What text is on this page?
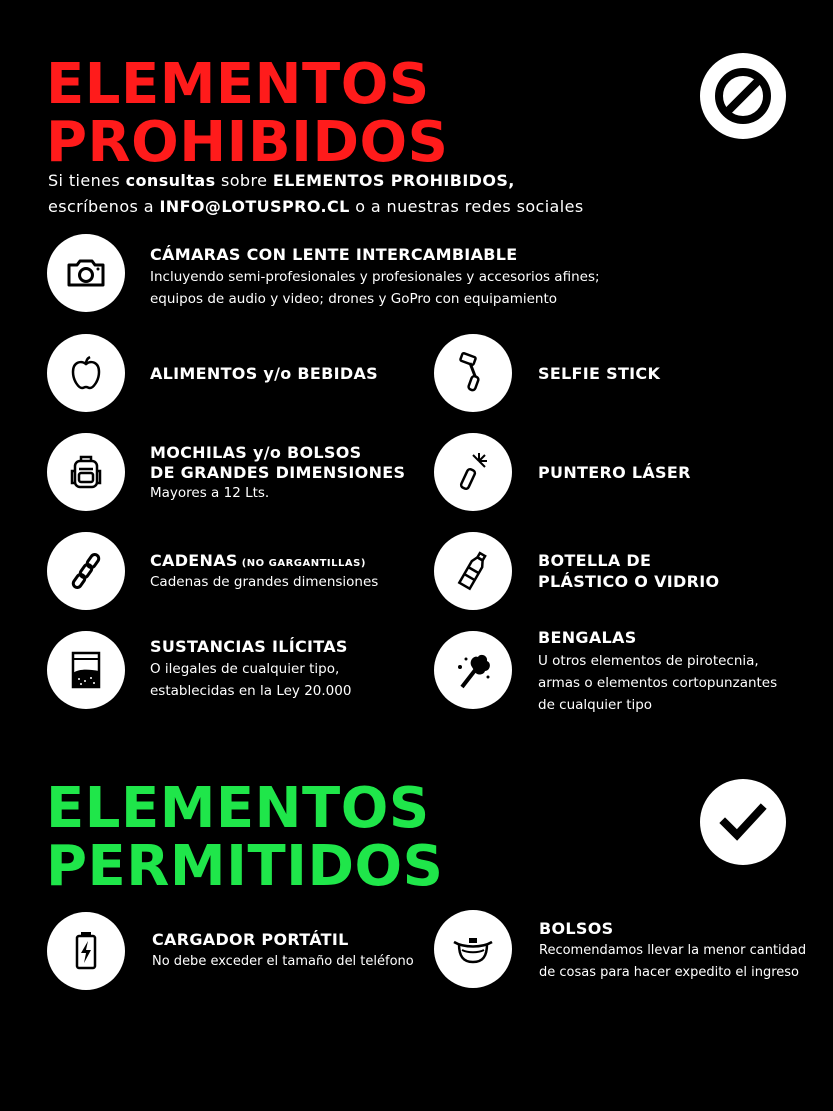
ELEMENTOS
PROHIBIDOS
Si tienes consultas sobre ELEMENTOS PROHIBIDOS,
escríbenos a INFO@LOTUSPRO.CL o a nuestras redes sociales
CÁMARAS CON LENTE INTERCAMBIABLE
Incluyendo semi-profesionales y profesionales y accesorios afines;
equipos de audio y video; drones y GoPro con equipamiento
ALIMENTOS y/o BEBIDAS	SELFIE STICK
MOCHILAS y/o BOLSOS
DE GRANDES DIMENSIONES
Mayores a 12 Lts.
PUNTERO LÁSER
CADENAS (NO GARGANTILLAS)
Cadenas de grandes dimensiones
BOTELLA DE
PLÁSTICO O VIDRIO
SUSTANCIAS ILÍCITAS
O ilegales de cualquier tipo,
establecidas en la Ley 20.000
BENGALAS
U otros elementos de pirotecnia,
armas o elementos cortopunzantes
de cualquier tipo
ELEMENTOS
PERMITIDOS
CARGADOR PORTÁTIL
No debe exceder el tamaño del teléfono
BOLSOS
Recomendamos llevar la menor cantidad
de cosas para hacer expedito el ingreso
